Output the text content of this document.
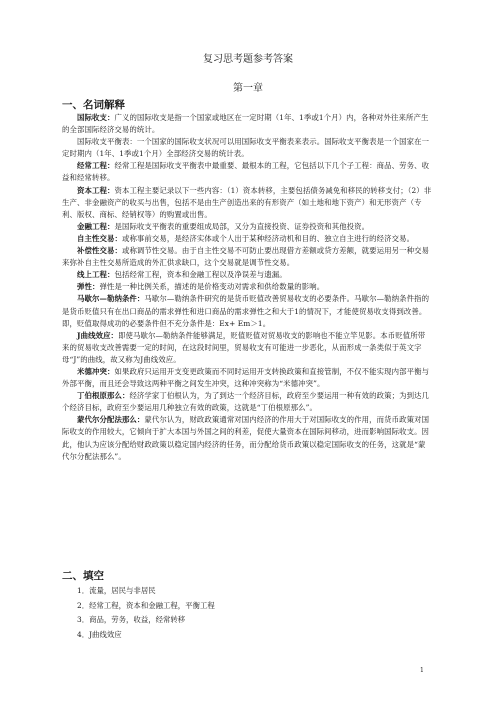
复习思考题参考答案
第一章
一、名词解释

国际收支：广义的国际收支是指一个国家或地区在一定时期（1年、1季或1个月）内，各种对外往来所产生的全部国际经济交易的统计。

国际收支平衡表：一个国家的国际收支状况可以用国际收支平衡表来表示。国际收支平衡表是一个国家在一定时期内（1年、1季或1个月）全部经济交易的统计表。

经常工程：经常工程是国际收支平衡表中最重要、最根本的工程，它包括以下几个子工程：商品、劳务、收益和经常转移。

资本工程：资本工程主要记录以下一些内容：（1）资本转移，主要包括债务减免和移民的转移支付；（2）非生产、非金融资产的收买与出售，包括不是由生产创造出来的有形资产（如土地和地下资产）和无形资产（专利、版权、商标、经销权等）的购置或出售。

金融工程：是国际收支平衡表的重要组成局部，又分为直接投资、证券投资和其他投资。

自主性交易：或称事前交易，是经济实体或个人出于某种经济动机和目的、独立自主进行的经济交易。

补偿性交易：或称调节性交易。由于自主性交易不可防止要出现借方差额或贷方差额，就要运用另一种交易来弥补自主性交易所造成的外汇供求缺口，这个交易就是调节性交易。

线上工程：包括经常工程，资本和金融工程以及净误差与遗漏。

弹性：弹性是一种比例关系，描述的是价格变动对需求和供给数量的影响。

马歇尔—勒纳条件：马歇尔—勒纳条件研究的是货币贬值改善贸易收支的必要条件。马歇尔—勒纳条件指的是货币贬值只有在出口商品的需求弹性和进口商品的需求弹性之和大于1的情况下，才能使贸易收支得到改善。即，贬值取得成功的必要条件但不充分条件是：Ex+ Em＞1。

J曲线效应：即使马歇尔—勒纳条件能够满足，贬值贬值对贸易收支的影响也不能立竿见影。本币贬值所带来的贸易收支改善需要一定的时间，在这段时间里，贸易收支有可能进一步恶化，从而形成一条类似于英文字母“J”的曲线，故又称为J曲线效应。

米德冲突：如果政府只运用开支变更政策而不同时运用开支转换政策和直接管制，不仅不能实现内部平衡与外部平衡，而且还会导致这两种平衡之间发生冲突，这种冲突称为“米德冲突”。

丁伯根原那么：经济学家丁伯根认为，为了到达一个经济目标，政府至少要运用一种有效的政策；为到达几个经济目标，政府至少要运用几种独立有效的政策，这就是“丁伯根原那么”。

蒙代尔分配法那么：蒙代尔认为，财政政策通常对国内经济的作用大于对国际收支的作用，而货币政策对国际收支的作用较大，它倾向于扩大本国与外国之间的利差，促使大量资本在国际间移动，进而影响国际收支。因此，他认为应该分配给财政政策以稳定国内经济的任务，而分配给货币政策以稳定国际收支的任务，这就是“蒙代尔分配法那么”。

二、填空
1．流量，居民与非居民
2．经常工程，资本和金融工程，平衡工程
3．商品，劳务，收益，经常转移
4．J曲线效应
1
